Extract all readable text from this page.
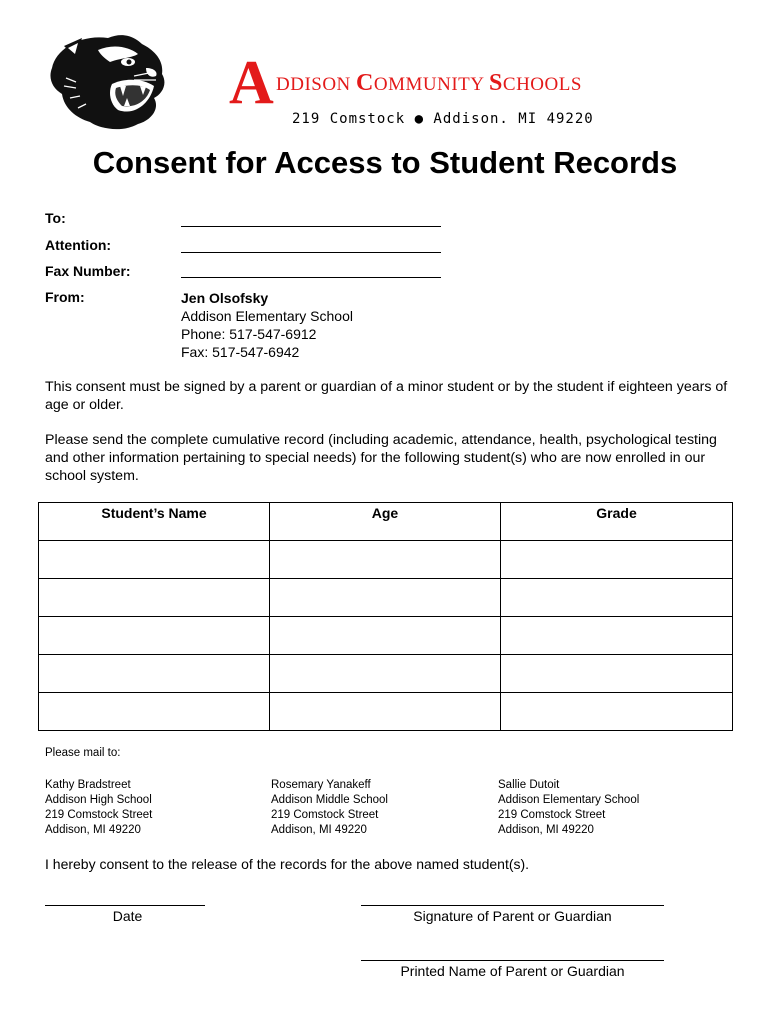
A DDISON COMMUNITY SCHOOLS
219 Comstock ● Addison. MI 49220
Consent for Access to Student Records
To:
Attention:
Fax Number:
From:	Jen Olsofsky
Addison Elementary School
Phone: 517-547-6912
Fax: 517-547-6942
This consent must be signed by a parent or guardian of a minor student or by the student if eighteen years of age or older.
Please send the complete cumulative record (including academic, attendance, health, psychological testing and other information pertaining to special needs) for the following student(s) who are now enrolled in our school system.
Student’s Name	Age	Grade

Please mail to:
Kathy Bradstreet
Addison High School
219 Comstock Street
Addison, MI 49220
Rosemary Yanakeff
Addison Middle School
219 Comstock Street
Addison, MI 49220
Sallie Dutoit
Addison Elementary School
219 Comstock Street
Addison, MI 49220
I hereby consent to the release of the records for the above named student(s).
Date	Signature of Parent or Guardian
Printed Name of Parent or Guardian
